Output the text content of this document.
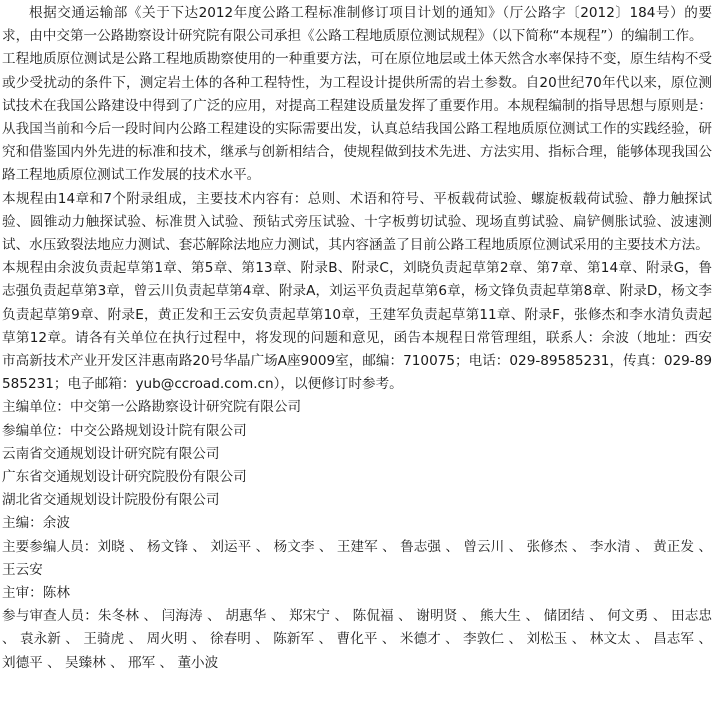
根据交通运输部《关于下达2012年度公路工程标准制修订项目计划的通知》（厅公路字〔2012〕184号）的要求，由中交第一公路勘察设计研究院有限公司承担《公路工程地质原位测试规程》（以下简称“本规程”）的编制工作。

工程地质原位测试是公路工程地质勘察使用的一种重要方法，可在原位地层或土体天然含水率保持不变，原生结构不受或少受扰动的条件下，测定岩土体的各种工程特性，为工程设计提供所需的岩土参数。自20世纪70年代以来，原位测试技术在我国公路建设中得到了广泛的应用，对提高工程建设质量发挥了重要作用。本规程编制的指导思想与原则是：从我国当前和今后一段时间内公路工程建设的实际需要出发，认真总结我国公路工程地质原位测试工作的实践经验，研究和借鉴国内外先进的标准和技术，继承与创新相结合，使规程做到技术先进、方法实用、指标合理，能够体现我国公路工程地质原位测试工作发展的技术水平。

本规程由14章和7个附录组成，主要技术内容有：总则、术语和符号、平板载荷试验、螺旋板载荷试验、静力触探试验、圆锥动力触探试验、标准贯入试验、预钻式旁压试验、十字板剪切试验、现场直剪试验、扁铲侧胀试验、波速测试、水压致裂法地应力测试、套芯解除法地应力测试，其内容涵盖了目前公路工程地质原位测试采用的主要技术方法。

本规程由余波负责起草第1章、第5章、第13章、附录B、附录C，刘晓负责起草第2章、第7章、第14章、附录G，鲁志强负责起草第3章，曾云川负责起草第4章、附录A，刘运平负责起草第6章，杨文锋负责起草第8章、附录D，杨文李负责起草第9章、附录E，黄正发和王云安负责起草第10章，王建军负责起草第11章、附录F，张修杰和李水清负责起草第12章。请各有关单位在执行过程中，将发现的问题和意见，函告本规程日常管理组，联系人：余波（地址：西安市高新技术产业开发区沣惠南路20号华晶广场A座9009室，邮编：710075；电话：029-89585231，传真：029-89585231；电子邮箱：yub@ccroad.com.cn），以便修订时参考。

主编单位：中交第一公路勘察设计研究院有限公司

参编单位：中交公路规划设计院有限公司

云南省交通规划设计研究院有限公司

广东省交通规划设计研究院股份有限公司

湖北省交通规划设计院股份有限公司

主编：余波

主要参编人员：刘晓 、 杨文锋 、 刘运平 、 杨文李 、 王建军 、 鲁志强 、 曾云川 、 张修杰 、 李水清 、 黄正发 、 王云安

主审：陈林

参与审查人员：朱冬林 、 闫海涛 、 胡惠华 、 郑宋宁 、 陈侃福 、 谢明贤 、 熊大生 、 储团结 、 何文勇 、 田志忠 、 袁永新 、 王骑虎 、 周火明 、 徐春明 、 陈新军 、 曹化平 、 米德才 、 李敦仁 、 刘松玉 、 林文太 、 昌志军 、 刘德平 、 吴臻林 、 邢军 、 董小波
